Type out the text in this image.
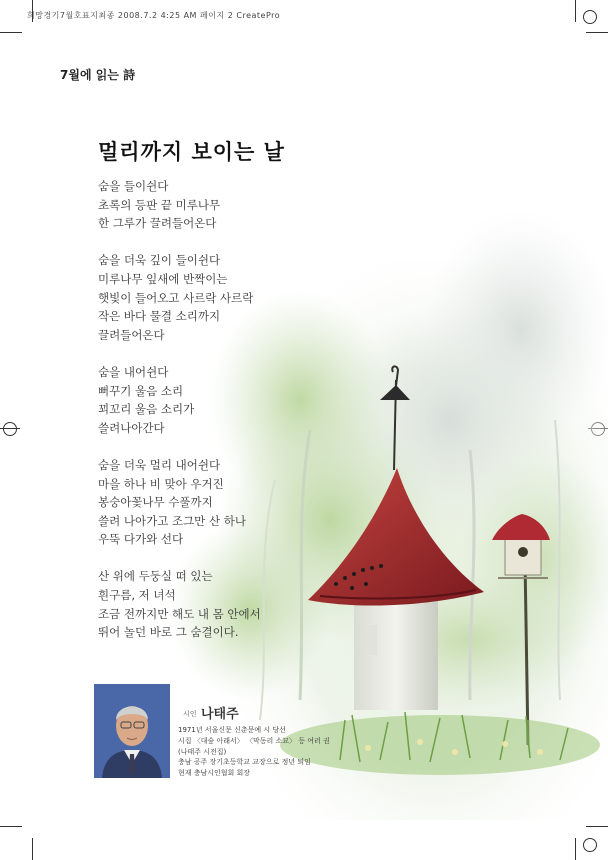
희망경기7월호표지최종 2008.7.2 4:25 AM 페이지 2 CreatePro
7월에 읽는 詩
멀리까지 보이는 날
숨을 들이쉰다
초록의 등판 끝 미루나무
한 그루가 끌려들어온다
숨을 더욱 깊이 들이쉰다
미루나무 잎새에 반짝이는
햇빛이 들어오고 사르락 사르락
작은 바다 물결 소리까지
끌려들어온다
숨을 내어쉰다
뻐꾸기 울음 소리
꾀꼬리 울음 소리가
쓸려나아간다
숨을 더욱 멀리 내어쉰다
마을 하나 비 맞아 우거진
봉숭아꽃나무 수풀까지
쓸려 나아가고 조그만 산 하나
우뚝 다가와 선다
산 위에 두둥실 떠 있는
흰구름, 저 녀석
조금 전까지만 해도 내 몸 안에서
뛰어 놀던 바로 그 숨결이다.
시인 나태주
1971년 서울신문 신춘문예 시 당선
시집 〈대숲 아래서〉 〈막동리 소묘〉 등 여러 권
(나태주 시전집)
충남 공주 장기초등학교 교장으로 정년 퇴임
현재 충남시인협회 회장
